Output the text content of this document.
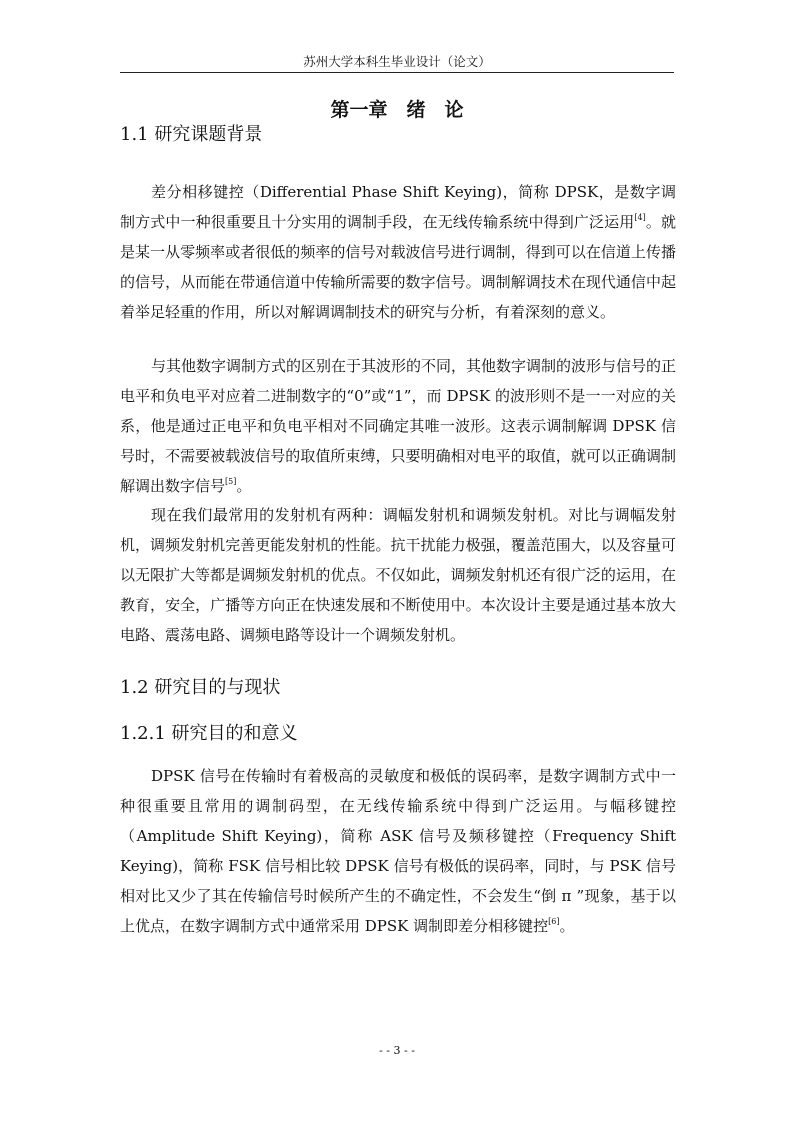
苏州大学本科生毕业设计（论文）
第一章　绪　论
1.1 研究课题背景

差分相移键控（Differential Phase Shift Keying)，简称 DPSK，是数字调制方式中一种很重要且十分实用的调制手段，在无线传输系统中得到广泛运用[4]。就是某一从零频率或者很低的频率的信号对载波信号进行调制，得到可以在信道上传播的信号，从而能在带通信道中传输所需要的数字信号。调制解调技术在现代通信中起着举足轻重的作用，所以对解调调制技术的研究与分析，有着深刻的意义。

与其他数字调制方式的区别在于其波形的不同，其他数字调制的波形与信号的正电平和负电平对应着二进制数字的“0”或“1”，而 DPSK 的波形则不是一一对应的关系，他是通过正电平和负电平相对不同确定其唯一波形。这表示调制解调 DPSK 信号时，不需要被载波信号的取值所束缚，只要明确相对电平的取值，就可以正确调制解调出数字信号[5]。

现在我们最常用的发射机有两种：调幅发射机和调频发射机。对比与调幅发射机，调频发射机完善更能发射机的性能。抗干扰能力极强，覆盖范围大，以及容量可以无限扩大等都是调频发射机的优点。不仅如此，调频发射机还有很广泛的运用，在教育，安全，广播等方向正在快速发展和不断使用中。本次设计主要是通过基本放大电路、震荡电路、调频电路等设计一个调频发射机。

1.2 研究目的与现状
1.2.1 研究目的和意义

DPSK 信号在传输时有着极高的灵敏度和极低的误码率，是数字调制方式中一种很重要且常用的调制码型，在无线传输系统中得到广泛运用。与幅移键控（Amplitude Shift Keying)，简称 ASK 信号及频移键控（Frequency Shift Keying)，简称 FSK 信号相比较 DPSK 信号有极低的误码率，同时，与 PSK 信号相对比又少了其在传输信号时候所产生的不确定性，不会发生“倒 π ”现象，基于以上优点，在数字调制方式中通常采用 DPSK 调制即差分相移键控[6]。

- - 3 - -
